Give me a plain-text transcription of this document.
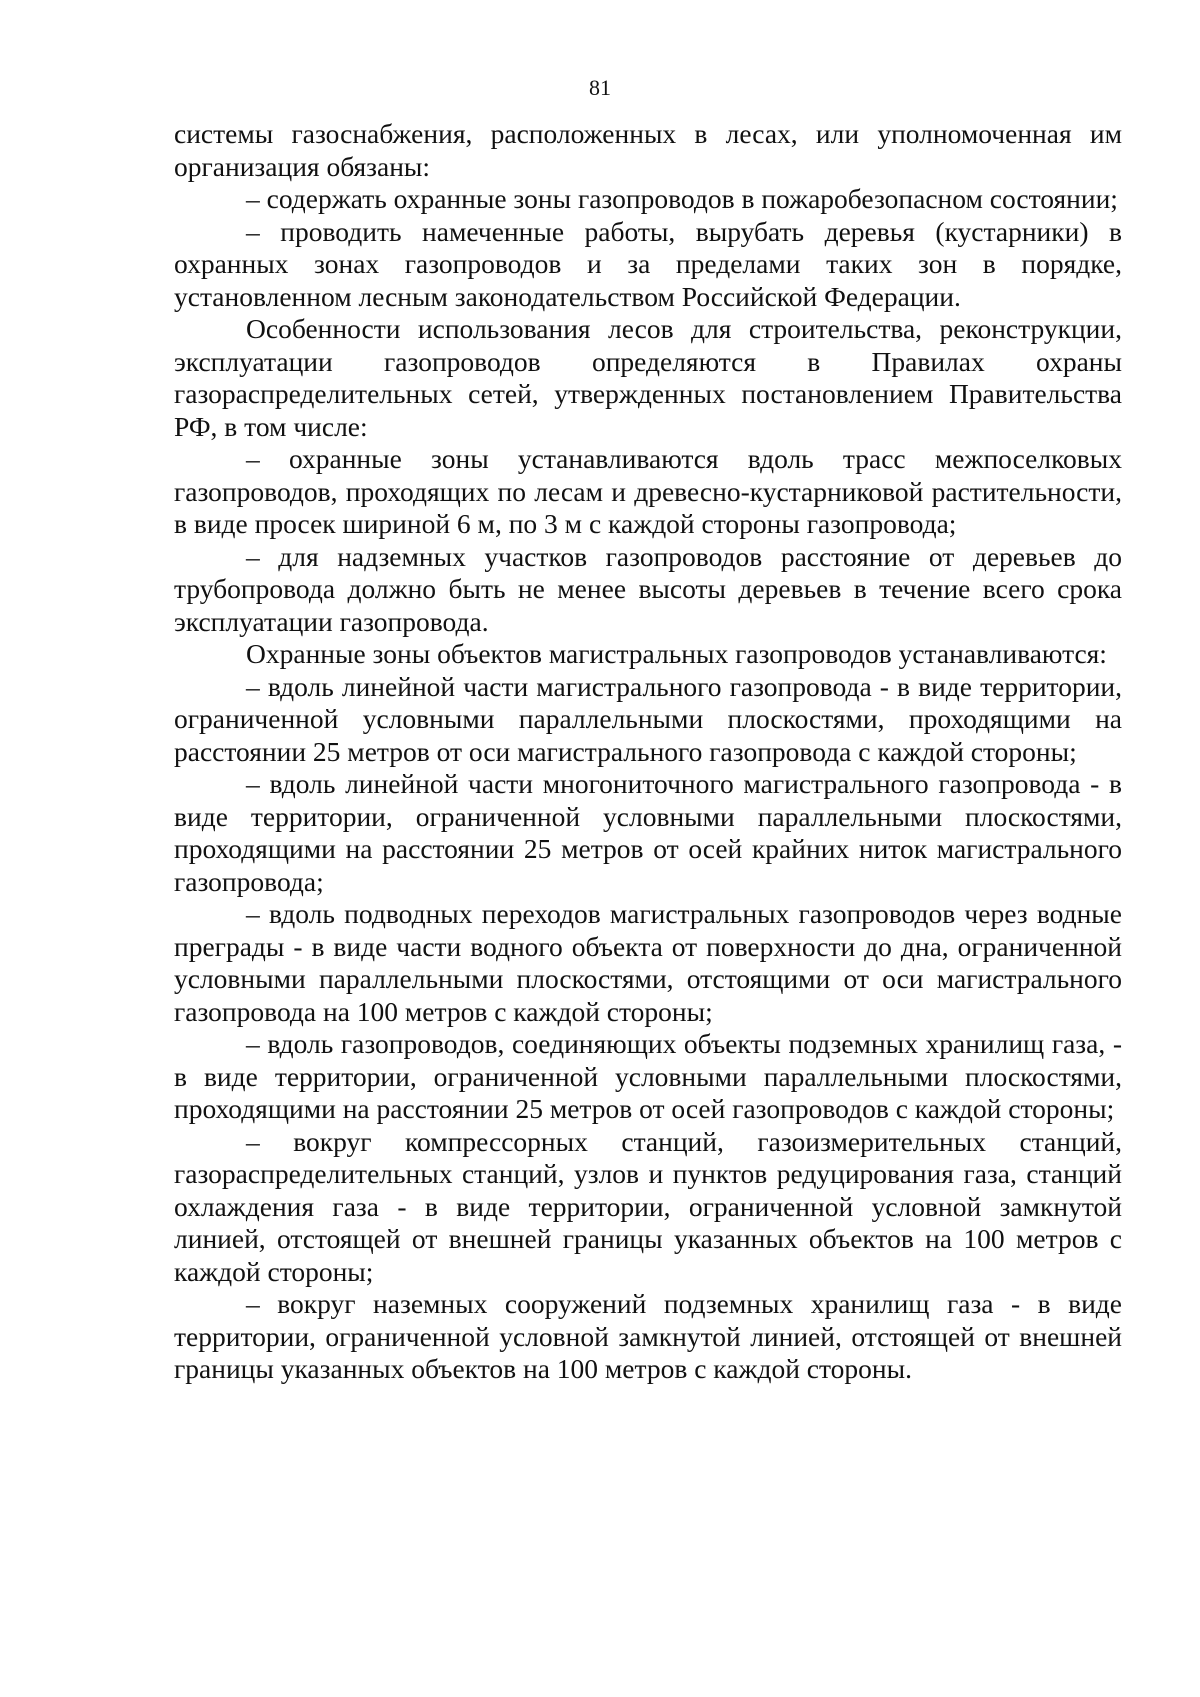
81

системы газоснабжения, расположенных в лесах, или уполномоченная им организация обязаны:

– содержать охранные зоны газопроводов в пожаробезопасном состоянии;

– проводить намеченные работы, вырубать деревья (кустарники) в охранных зонах газопроводов и за пределами таких зон в порядке, установленном лесным законодательством Российской Федерации.

Особенности использования лесов для строительства, реконструкции, эксплуатации газопроводов определяются в Правилах охраны газораспределительных сетей, утвержденных постановлением Правительства РФ, в том числе:

– охранные зоны устанавливаются вдоль трасс межпоселковых газопроводов, проходящих по лесам и древесно-кустарниковой растительности, в виде просек шириной 6 м, по 3 м с каждой стороны газопровода;

– для надземных участков газопроводов расстояние от деревьев до трубопровода должно быть не менее высоты деревьев в течение всего срока эксплуатации газопровода.

Охранные зоны объектов магистральных газопроводов устанавливаются:

– вдоль линейной части магистрального газопровода - в виде территории, ограниченной условными параллельными плоскостями, проходящими на расстоянии 25 метров от оси магистрального газопровода с каждой стороны;

– вдоль линейной части многониточного магистрального газопровода - в виде территории, ограниченной условными параллельными плоскостями, проходящими на расстоянии 25 метров от осей крайних ниток магистрального газопровода;

– вдоль подводных переходов магистральных газопроводов через водные преграды - в виде части водного объекта от поверхности до дна, ограниченной условными параллельными плоскостями, отстоящими от оси магистрального газопровода на 100 метров с каждой стороны;

– вдоль газопроводов, соединяющих объекты подземных хранилищ газа, - в виде территории, ограниченной условными параллельными плоскостями, проходящими на расстоянии 25 метров от осей газопроводов с каждой стороны;

– вокруг компрессорных станций, газоизмерительных станций, газораспределительных станций, узлов и пунктов редуцирования газа, станций охлаждения газа - в виде территории, ограниченной условной замкнутой линией, отстоящей от внешней границы указанных объектов на 100 метров с каждой стороны;

– вокруг наземных сооружений подземных хранилищ газа - в виде территории, ограниченной условной замкнутой линией, отстоящей от внешней границы указанных объектов на 100 метров с каждой стороны.
